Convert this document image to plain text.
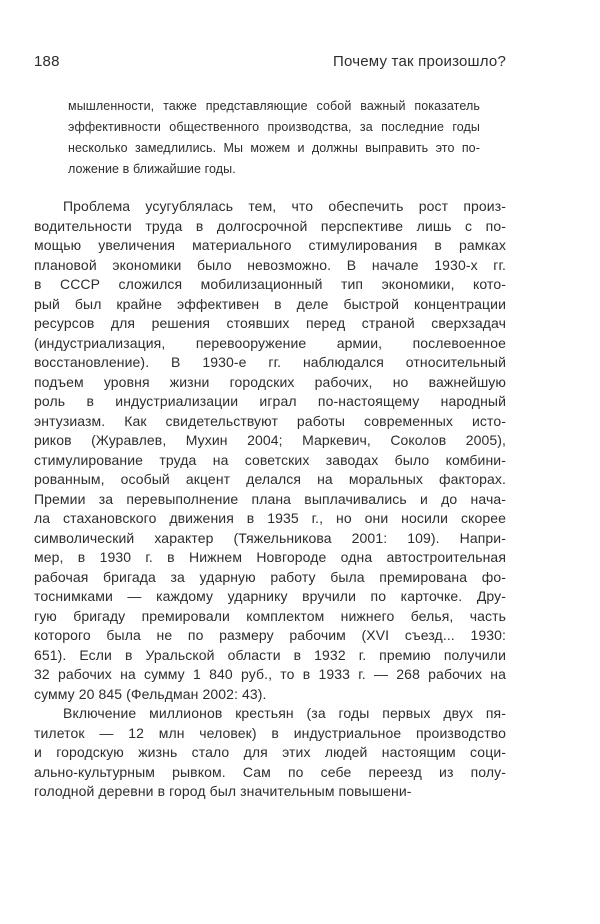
188	Почему так произошло?
мышленности, также представляющие собой важный показатель
эффективности общественного производства, за последние годы
несколько замедлились. Мы можем и должны выправить это по-
ложение в ближайшие годы.
Проблема усугублялась тем, что обеспечить рост произ-
водительности труда в долгосрочной перспективе лишь с по-
мощью увеличения материального стимулирования в рамках
плановой экономики было невозможно. В начале 1930-х гг.
в СССР сложился мобилизационный тип экономики, кото-
рый был крайне эффективен в деле быстрой концентрации
ресурсов для решения стоявших перед страной сверхзадач
(индустриализация, перевооружение армии, послевоенное
восстановление). В 1930-е гг. наблюдался относительный
подъем уровня жизни городских рабочих, но важнейшую
роль в индустриализации играл по-настоящему народный
энтузиазм. Как свидетельствуют работы современных исто-
риков (Журавлев, Мухин 2004; Маркевич, Соколов 2005),
стимулирование труда на советских заводах было комбини-
рованным, особый акцент делался на моральных факторах.
Премии за перевыполнение плана выплачивались и до нача-
ла стахановского движения в 1935 г., но они носили скорее
символический характер (Тяжельникова 2001: 109). Напри-
мер, в 1930 г. в Нижнем Новгороде одна автостроительная
рабочая бригада за ударную работу была премирована фо-
тоснимками — каждому ударнику вручили по карточке. Дру-
гую бригаду премировали комплектом нижнего белья, часть
которого была не по размеру рабочим (XVI съезд... 1930:
651). Если в Уральской области в 1932 г. премию получили
32 рабочих на сумму 1 840 руб., то в 1933 г. — 268 рабочих на
сумму 20 845 (Фельдман 2002: 43).
Включение миллионов крестьян (за годы первых двух пя-
тилеток — 12 млн человек) в индустриальное производство
и городскую жизнь стало для этих людей настоящим соци-
ально-культурным рывком. Сам по себе переезд из полу-
голодной деревни в город был значительным повышени-
